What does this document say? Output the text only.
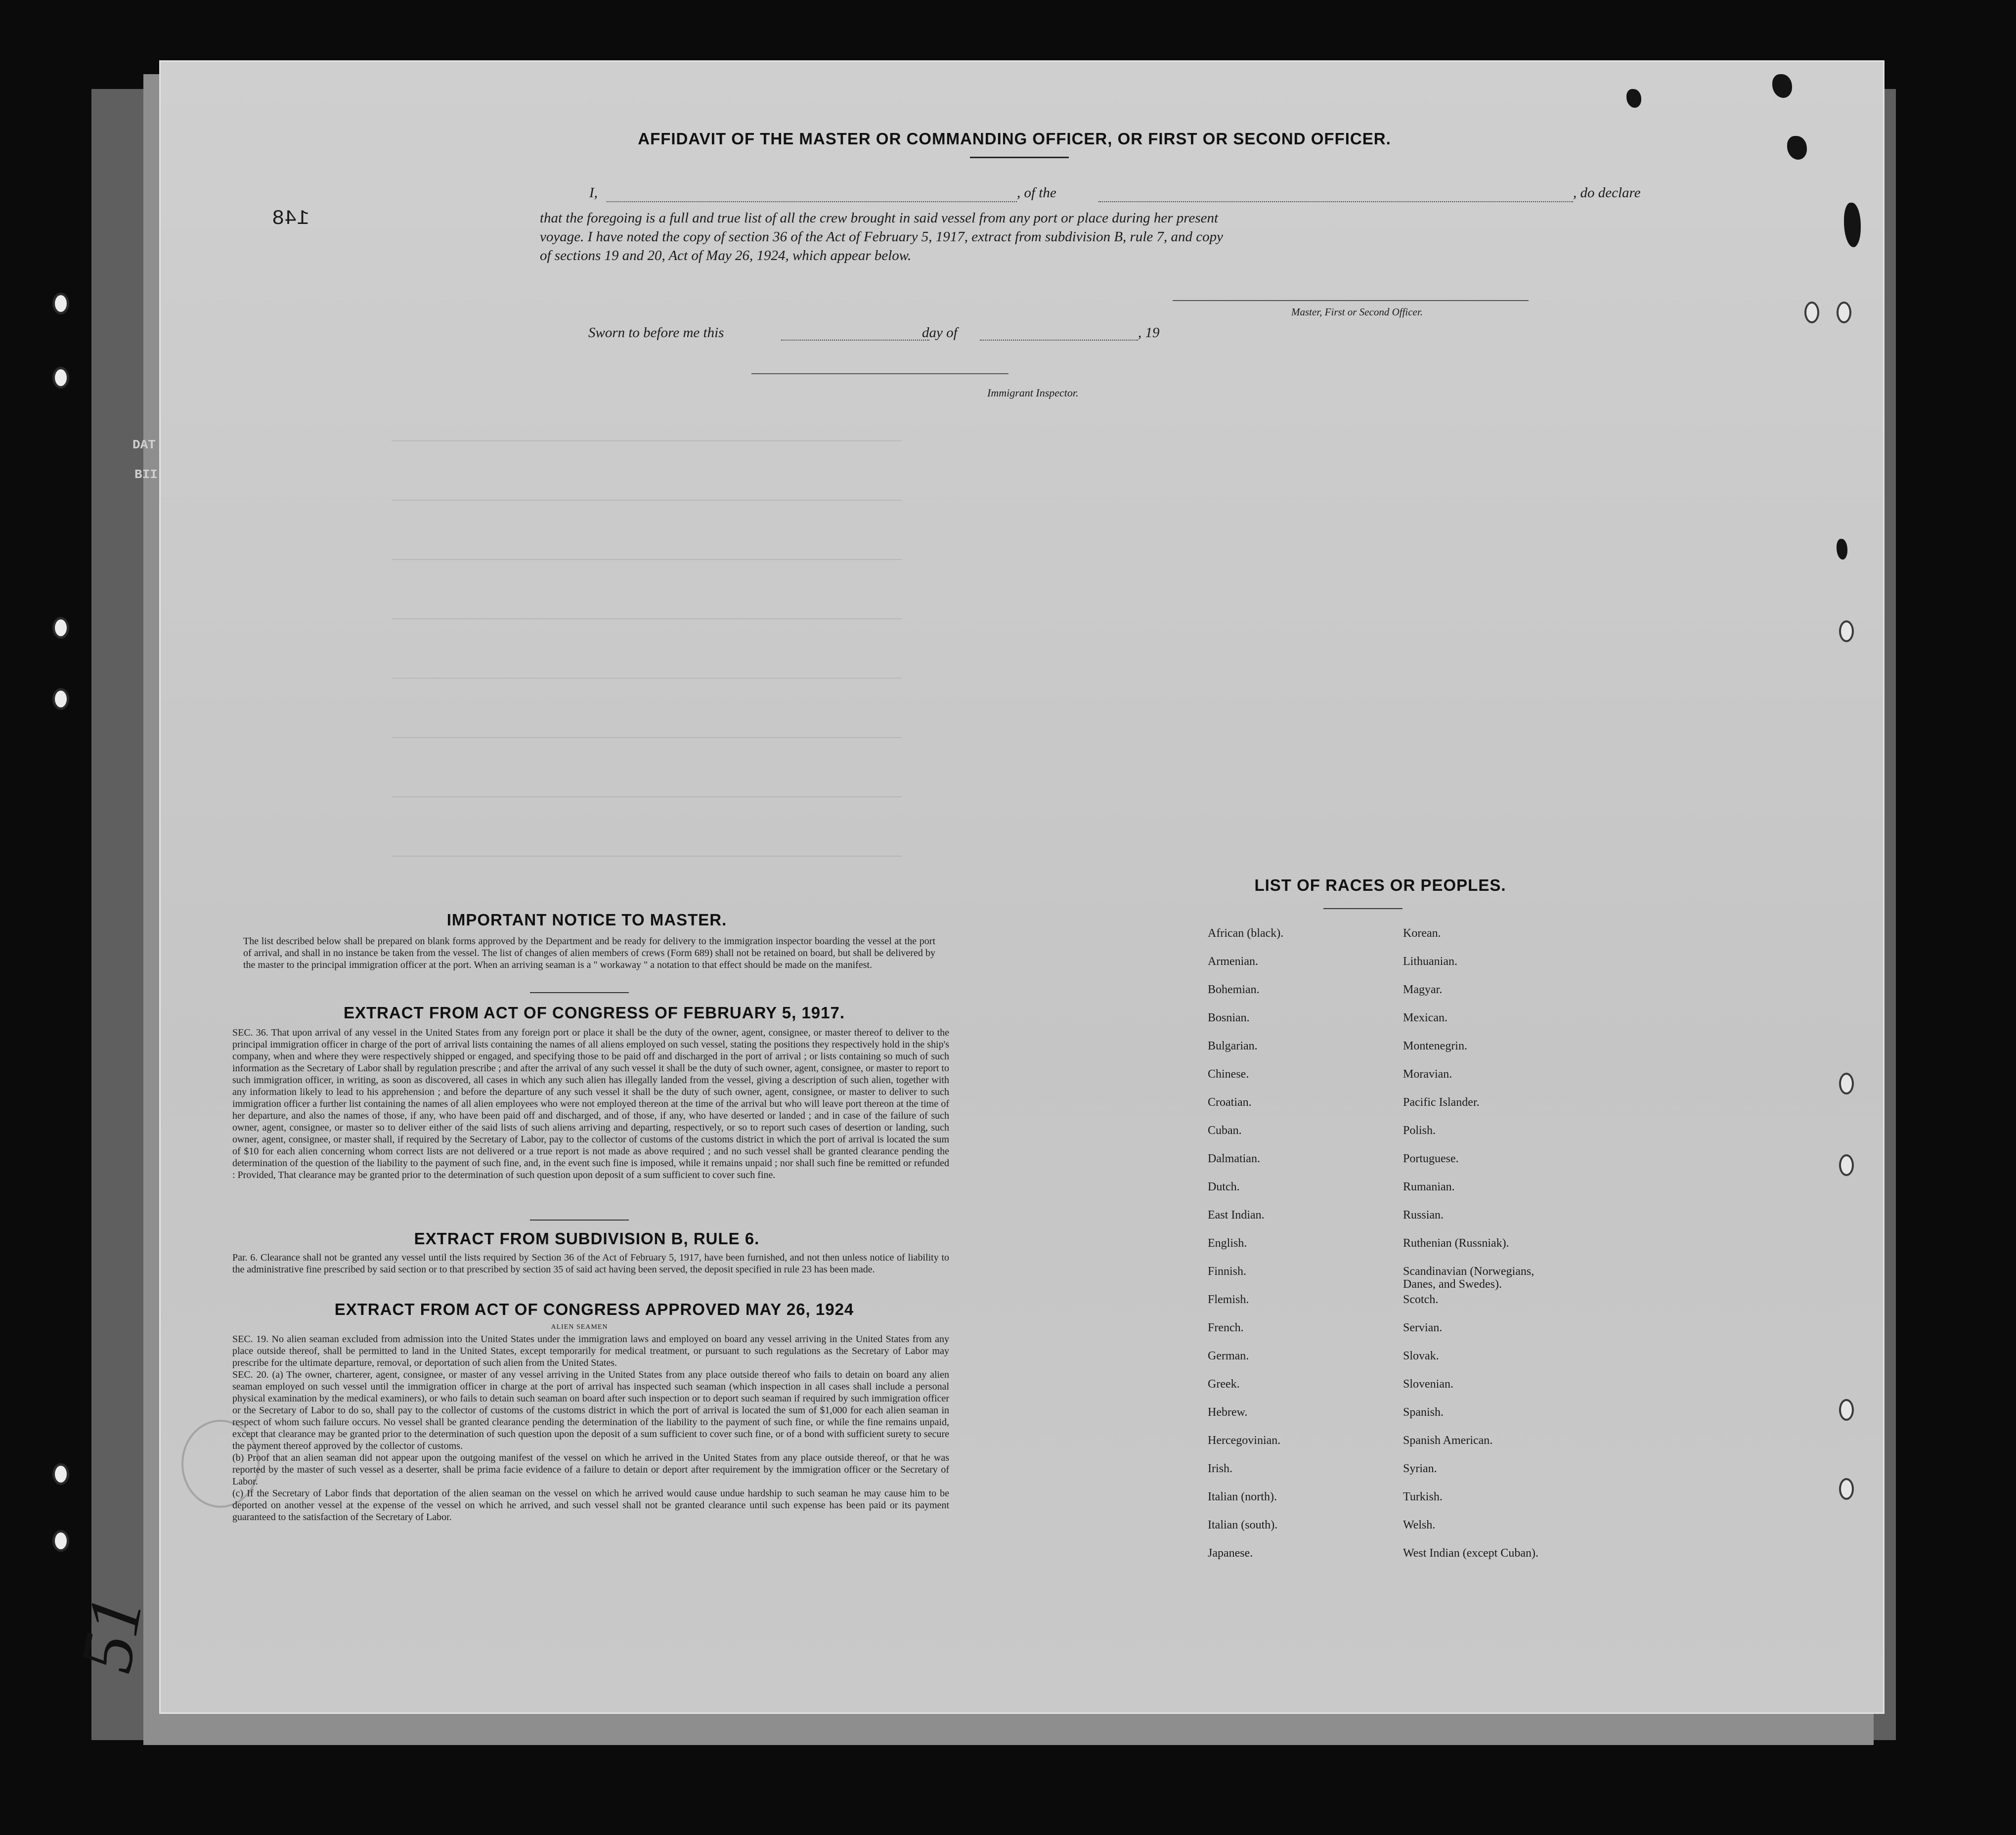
DAT
BII
51
──────────────────────────────────────────────────────────────────────────────────────
──────────────────────────────────────────────────────────────────────────────────────
──────────────────────────────────────────────────────────────────────────────────────
──────────────────────────────────────────────────────────────────────────────────────
──────────────────────────────────────────────────────────────────────────────────────
──────────────────────────────────────────────────────────────────────────────────────
──────────────────────────────────────────────────────────────────────────────────────
──────────────────────────────────────────────────────────────────────────────────────
148
AFFIDAVIT OF THE MASTER OR COMMANDING OFFICER, OR FIRST OR SECOND OFFICER.
I,	, of the	, do declare
that the foregoing is a full and true list of all the crew brought in said vessel from any port or place during her present
voyage. I have noted the copy of section 36 of the Act of February 5, 1917, extract from subdivision B, rule 7, and copy
of sections 19 and 20, Act of May 26, 1924, which appear below.
Master, First or Second Officer.
Sworn to before me this	day of	, 19
Immigrant Inspector.
IMPORTANT NOTICE TO MASTER.
The list described below shall be prepared on blank forms approved by the Department and be ready for delivery to the immigration inspector boarding the vessel at the port of arrival, and shall in no instance be taken from the vessel. The list of changes of alien members of crews (Form 689) shall not be retained on board, but shall be delivered by the master to the principal immigration officer at the port. When an arriving seaman is a " workaway " a notation to that effect should be made on the manifest.
EXTRACT FROM ACT OF CONGRESS OF FEBRUARY 5, 1917.
SEC. 36. That upon arrival of any vessel in the United States from any foreign port or place it shall be the duty of the owner, agent, consignee, or master thereof to deliver to the principal immigration officer in charge of the port of arrival lists containing the names of all aliens employed on such vessel, stating the positions they respectively hold in the ship's company, when and where they were respectively shipped or engaged, and specifying those to be paid off and discharged in the port of arrival ; or lists containing so much of such information as the Secretary of Labor shall by regulation prescribe ; and after the arrival of any such vessel it shall be the duty of such owner, agent, consignee, or master to report to such immigration officer, in writing, as soon as discovered, all cases in which any such alien has illegally landed from the vessel, giving a description of such alien, together with any information likely to lead to his apprehension ; and before the departure of any such vessel it shall be the duty of such owner, agent, consignee, or master to deliver to such immigration officer a further list containing the names of all alien employees who were not employed thereon at the time of the arrival but who will leave port thereon at the time of her departure, and also the names of those, if any, who have been paid off and discharged, and of those, if any, who have deserted or landed ; and in case of the failure of such owner, agent, consignee, or master so to deliver either of the said lists of such aliens arriving and departing, respectively, or so to report such cases of desertion or landing, such owner, agent, consignee, or master shall, if required by the Secretary of Labor, pay to the collector of customs of the customs district in which the port of arrival is located the sum of $10 for each alien concerning whom correct lists are not delivered or a true report is not made as above required ; and no such vessel shall be granted clearance pending the determination of the question of the liability to the payment of such fine, and, in the event such fine is imposed, while it remains unpaid ; nor shall such fine be remitted or refunded : Provided, That clearance may be granted prior to the determination of such question upon deposit of a sum sufficient to cover such fine.
EXTRACT FROM SUBDIVISION B, RULE 6.
Par. 6. Clearance shall not be granted any vessel until the lists required by Section 36 of the Act of February 5, 1917, have been furnished, and not then unless notice of liability to the administrative fine prescribed by said section or to that prescribed by section 35 of said act having been served, the deposit specified in rule 23 has been made.
EXTRACT FROM ACT OF CONGRESS APPROVED MAY 26, 1924
ALIEN SEAMEN
SEC. 19. No alien seaman excluded from admission into the United States under the immigration laws and employed on board any vessel arriving in the United States from any place outside thereof, shall be permitted to land in the United States, except temporarily for medical treatment, or pursuant to such regulations as the Secretary of Labor may prescribe for the ultimate departure, removal, or deportation of such alien from the United States.
SEC. 20. (a) The owner, charterer, agent, consignee, or master of any vessel arriving in the United States from any place outside thereof who fails to detain on board any alien seaman employed on such vessel until the immigration officer in charge at the port of arrival has inspected such seaman (which inspection in all cases shall include a personal physical examination by the medical examiners), or who fails to detain such seaman on board after such inspection or to deport such seaman if required by such immigration officer or the Secretary of Labor to do so, shall pay to the collector of customs of the customs district in which the port of arrival is located the sum of $1,000 for each alien seaman in respect of whom such failure occurs. No vessel shall be granted clearance pending the determination of the liability to the payment of such fine, or while the fine remains unpaid, except that clearance may be granted prior to the determination of such question upon the deposit of a sum sufficient to cover such fine, or of a bond with sufficient surety to secure the payment thereof approved by the collector of customs.
(b) Proof that an alien seaman did not appear upon the outgoing manifest of the vessel on which he arrived in the United States from any place outside thereof, or that he was reported by the master of such vessel as a deserter, shall be prima facie evidence of a failure to detain or deport after requirement by the immigration officer or the Secretary of Labor.
(c) If the Secretary of Labor finds that deportation of the alien seaman on the vessel on which he arrived would cause undue hardship to such seaman he may cause him to be deported on another vessel at the expense of the vessel on which he arrived, and such vessel shall not be granted clearance until such expense has been paid or its payment guaranteed to the satisfaction of the Secretary of Labor.
LIST OF RACES OR PEOPLES.
African (black).	Korean.
Armenian.	Lithuanian.
Bohemian.	Magyar.
Bosnian.	Mexican.
Bulgarian.	Montenegrin.
Chinese.	Moravian.
Croatian.	Pacific Islander.
Cuban.	Polish.
Dalmatian.	Portuguese.
Dutch.	Rumanian.
East Indian.	Russian.
English.	Ruthenian (Russniak).
Finnish.	Scandinavian (Norwegians,
Danes, and Swedes).
Flemish.	Scotch.
French.	Servian.
German.	Slovak.
Greek.	Slovenian.
Hebrew.	Spanish.
Hercegovinian.	Spanish American.
Irish.	Syrian.
Italian (north).	Turkish.
Italian (south).	Welsh.
Japanese.	West Indian (except Cuban).
